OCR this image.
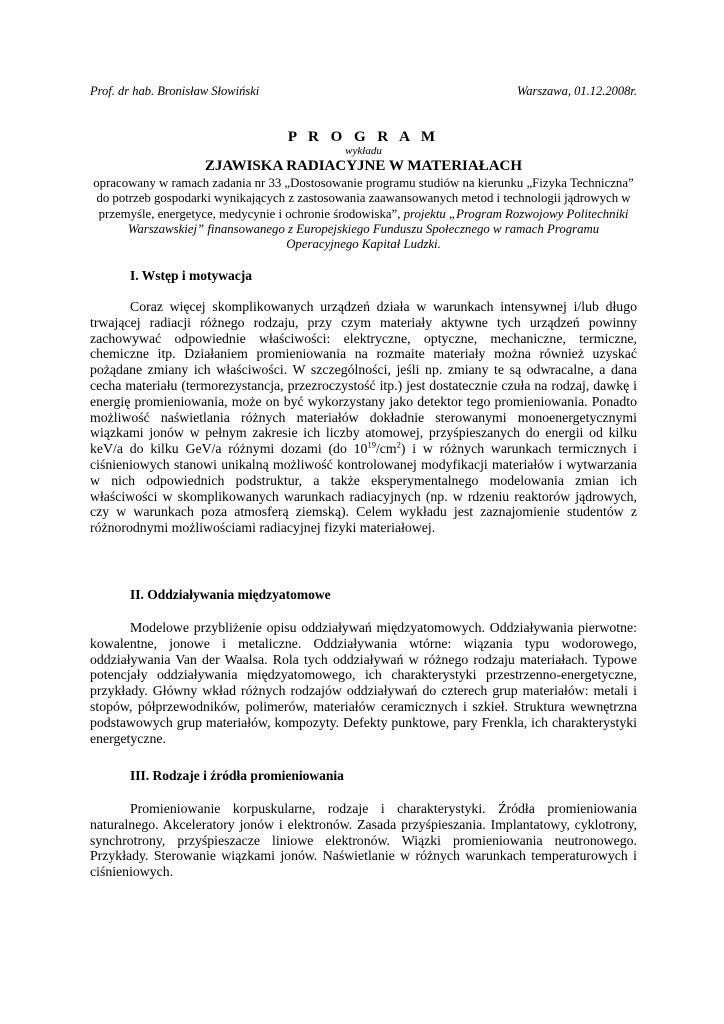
Prof. dr hab. Bronisław Słowiński	Warszawa, 01.12.2008r.
P R O G R A M
wykładu
ZJAWISKA RADIACYJNE W MATERIAŁACH
opracowany w ramach zadania nr 33 „Dostosowanie programu studiów na kierunku „Fizyka Techniczna” do potrzeb gospodarki wynikających z zastosowania zaawansowanych metod i technologii jądrowych w przemyśle, energetyce, medycynie i ochronie środowiska”, projektu „Program Rozwojowy Politechniki Warszawskiej” finansowanego z Europejskiego Funduszu Społecznego w ramach Programu Operacyjnego Kapitał Ludzki.
I. Wstęp i motywacja

Coraz więcej skomplikowanych urządzeń działa w warunkach intensywnej i/lub długo trwającej radiacji różnego rodzaju, przy czym materiały aktywne tych urządzeń powinny zachowywać odpowiednie właściwości: elektryczne, optyczne, mechaniczne, termiczne, chemiczne itp. Działaniem promieniowania na rozmaite materiały można również uzyskać pożądane zmiany ich właściwości. W szczególności, jeśli np. zmiany te są odwracalne, a dana cecha materiału (termorezystancja, przezroczystość itp.) jest dostatecznie czuła na rodzaj, dawkę i energię promieniowania, może on być wykorzystany jako detektor tego promieniowania. Ponadto możliwość naświetlania różnych materiałów dokładnie sterowanymi monoenergetycznymi wiązkami jonów w pełnym zakresie ich liczby atomowej, przyśpieszanych do energii od kilku keV/a do kilku GeV/a różnymi dozami (do $10^{19}/cm^2$) i w różnych warunkach termicznych i ciśnieniowych stanowi unikalną możliwość kontrolowanej modyfikacji materiałów i wytwarzania w nich odpowiednich podstruktur, a także eksperymentalnego modelowania zmian ich właściwości w skomplikowanych warunkach radiacyjnych (np. w rdzeniu reaktorów jądrowych, czy w warunkach poza atmosferą ziemską). Celem wykładu jest zaznajomienie studentów z różnorodnymi możliwościami radiacyjnej fizyki materiałowej.

II. Oddziaływania międzyatomowe

Modelowe przybliżenie opisu oddziaływań międzyatomowych. Oddziaływania pierwotne: kowalentne, jonowe i metaliczne. Oddziaływania wtórne: wiązania typu wodorowego, oddziaływania Van der Waalsa. Rola tych oddziaływań w różnego rodzaju materiałach. Typowe potencjały oddziaływania międzyatomowego, ich charakterystyki przestrzenno-energetyczne, przykłady. Główny wkład różnych rodzajów oddziaływań do czterech grup materiałów: metali i stopów, półprzewodników, polimerów, materiałów ceramicznych i szkieł. Struktura wewnętrzna podstawowych grup materiałów, kompozyty. Defekty punktowe, pary Frenkla, ich charakterystyki energetyczne.

III. Rodzaje i źródła promieniowania

Promieniowanie korpuskularne, rodzaje i charakterystyki. Źródła promieniowania naturalnego. Akceleratory jonów i elektronów. Zasada przyśpieszania. Implantatowy, cyklotrony, synchrotrony, przyśpieszacze liniowe elektronów. Wiązki promieniowania neutronowego. Przykłady. Sterowanie wiązkami jonów. Naświetlanie w różnych warunkach temperaturowych i ciśnieniowych.
